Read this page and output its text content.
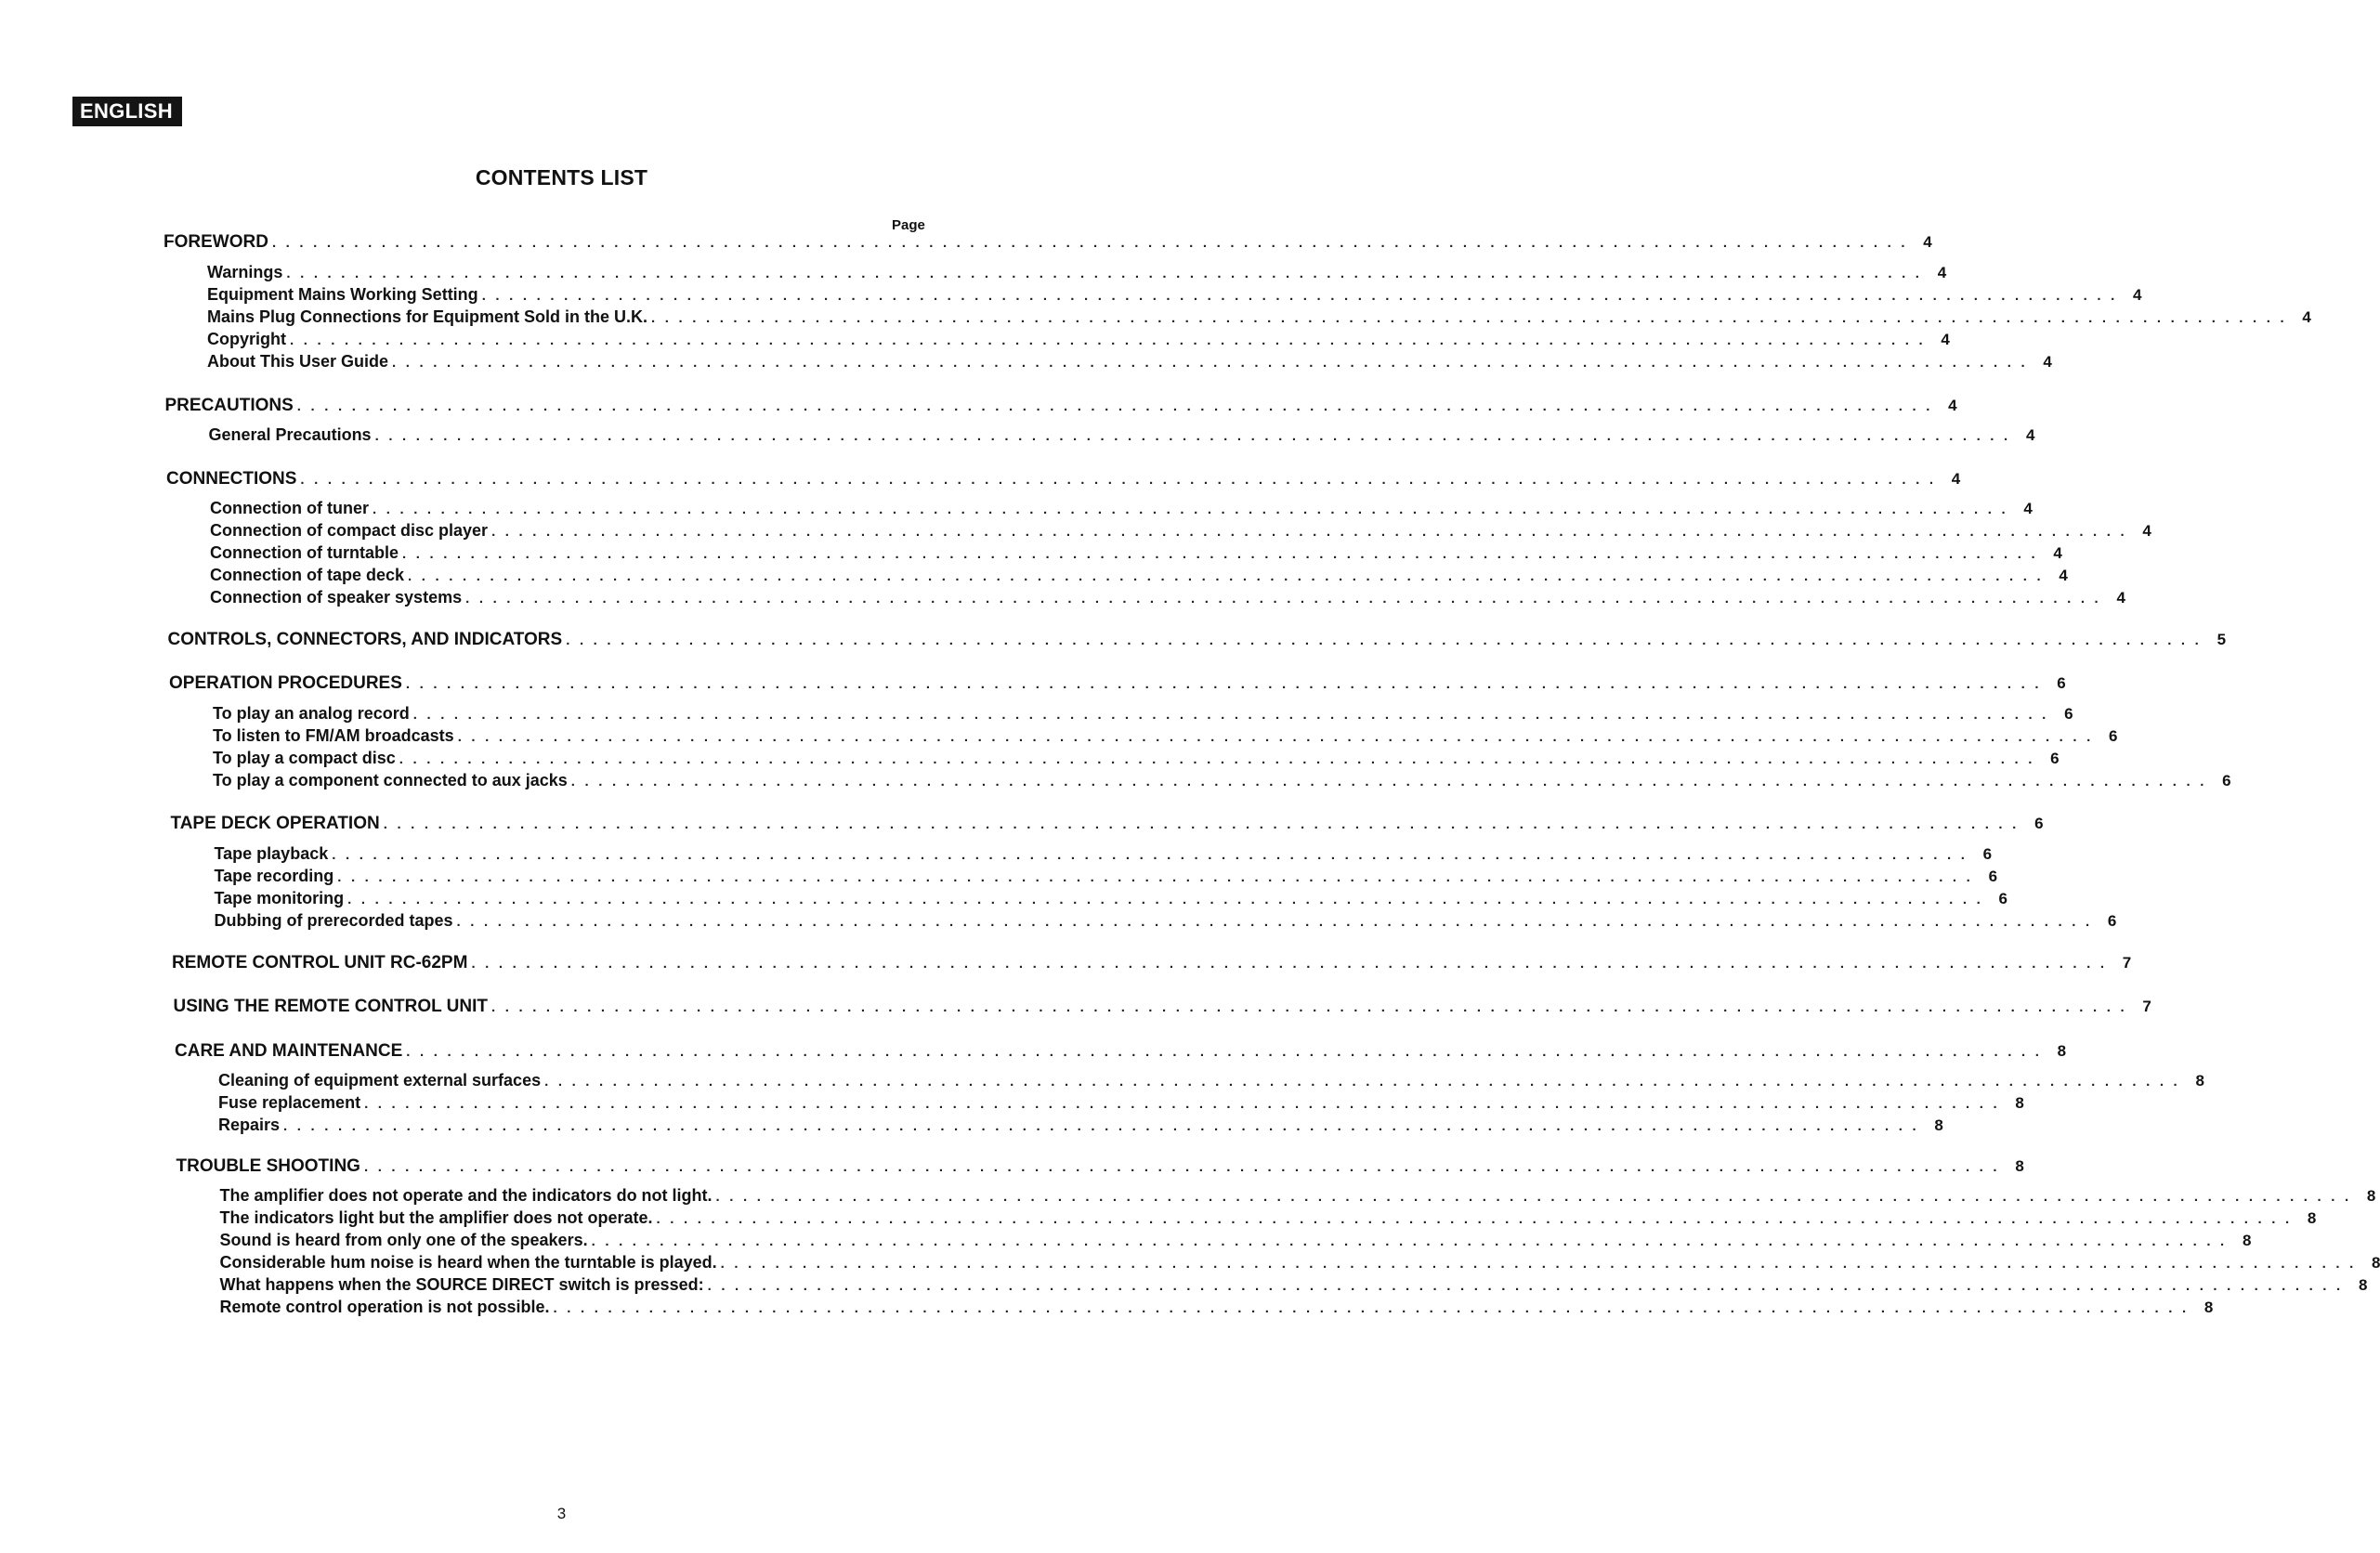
ENGLISH
CONTENTS LIST
Page
FOREWORD . . . . . . . . . . . . . . . . . . . . . . . . . . . . . . . . . . . . . . . . . . . . . . . . . . . . . . . . . . . . . . . . . . . . . . . . . . . . . . . . . . . . . . . . . . . . . . . . . . . . . . . . . . . . . . . . . . . . . . . . 4
Warnings . . . . . . . . . . . . . . . . . . . . . . . . . . . . . . . . . . . . . . . . . . . . . . . . . . . . . . . . . . . . . . . . . . . . . . . . . . . . . . . . . . . . . . . . . . . . . . . . . . . . . . . . . . . . . . . . . . . . . . . . 4
Equipment Mains Working Setting . . . . . . . . . . . . . . . . . . . . . . . . . . . . . . . . . . . . . . . . . . . . . . . . . . . . . . . . . . . . . . . . . . . . . . . . . . . . . . . . . . . . . . . . . . . . . . . . . . . . . . . . . . . . . . . . . . . . . . . . 4
Mains Plug Connections for Equipment Sold in the U.K. . . . . . . . . . . . . . . . . . . . . . . . . . . . . . . . . . . . . . . . . . . . . . . . . . . . . . . . . . . . . . . . . . . . . . . . . . . . . . . . . . . . . . . . . . . . . . . . . . . . . . . . . . . . . . . . . . . . . . . . . 4
Copyright . . . . . . . . . . . . . . . . . . . . . . . . . . . . . . . . . . . . . . . . . . . . . . . . . . . . . . . . . . . . . . . . . . . . . . . . . . . . . . . . . . . . . . . . . . . . . . . . . . . . . . . . . . . . . . . . . . . . . . . . 4
About This User Guide . . . . . . . . . . . . . . . . . . . . . . . . . . . . . . . . . . . . . . . . . . . . . . . . . . . . . . . . . . . . . . . . . . . . . . . . . . . . . . . . . . . . . . . . . . . . . . . . . . . . . . . . . . . . . . . . . . . . . . . . 4
PRECAUTIONS . . . . . . . . . . . . . . . . . . . . . . . . . . . . . . . . . . . . . . . . . . . . . . . . . . . . . . . . . . . . . . . . . . . . . . . . . . . . . . . . . . . . . . . . . . . . . . . . . . . . . . . . . . . . . . . . . . . . . . . . 4
General Precautions . . . . . . . . . . . . . . . . . . . . . . . . . . . . . . . . . . . . . . . . . . . . . . . . . . . . . . . . . . . . . . . . . . . . . . . . . . . . . . . . . . . . . . . . . . . . . . . . . . . . . . . . . . . . . . . . . . . . . . . . 4
CONNECTIONS . . . . . . . . . . . . . . . . . . . . . . . . . . . . . . . . . . . . . . . . . . . . . . . . . . . . . . . . . . . . . . . . . . . . . . . . . . . . . . . . . . . . . . . . . . . . . . . . . . . . . . . . . . . . . . . . . . . . . . . . 4
Connection of tuner . . . . . . . . . . . . . . . . . . . . . . . . . . . . . . . . . . . . . . . . . . . . . . . . . . . . . . . . . . . . . . . . . . . . . . . . . . . . . . . . . . . . . . . . . . . . . . . . . . . . . . . . . . . . . . . . . . . . . . . . 4
Connection of compact disc player . . . . . . . . . . . . . . . . . . . . . . . . . . . . . . . . . . . . . . . . . . . . . . . . . . . . . . . . . . . . . . . . . . . . . . . . . . . . . . . . . . . . . . . . . . . . . . . . . . . . . . . . . . . . . . . . . . . . . . . . 4
Connection of turntable . . . . . . . . . . . . . . . . . . . . . . . . . . . . . . . . . . . . . . . . . . . . . . . . . . . . . . . . . . . . . . . . . . . . . . . . . . . . . . . . . . . . . . . . . . . . . . . . . . . . . . . . . . . . . . . . . . . . . . . . 4
Connection of tape deck . . . . . . . . . . . . . . . . . . . . . . . . . . . . . . . . . . . . . . . . . . . . . . . . . . . . . . . . . . . . . . . . . . . . . . . . . . . . . . . . . . . . . . . . . . . . . . . . . . . . . . . . . . . . . . . . . . . . . . . . 4
Connection of speaker systems . . . . . . . . . . . . . . . . . . . . . . . . . . . . . . . . . . . . . . . . . . . . . . . . . . . . . . . . . . . . . . . . . . . . . . . . . . . . . . . . . . . . . . . . . . . . . . . . . . . . . . . . . . . . . . . . . . . . . . . . 4
CONTROLS, CONNECTORS, AND INDICATORS . . . . . . . . . . . . . . . . . . . . . . . . . . . . . . . . . . . . . . . . . . . . . . . . . . . . . . . . . . . . . . . . . . . . . . . . . . . . . . . . . . . . . . . . . . . . . . . . . . . . . . . . . . . . . . . . . . . . . . . . 5
OPERATION PROCEDURES . . . . . . . . . . . . . . . . . . . . . . . . . . . . . . . . . . . . . . . . . . . . . . . . . . . . . . . . . . . . . . . . . . . . . . . . . . . . . . . . . . . . . . . . . . . . . . . . . . . . . . . . . . . . . . . . . . . . . . . . 6
To play an analog record . . . . . . . . . . . . . . . . . . . . . . . . . . . . . . . . . . . . . . . . . . . . . . . . . . . . . . . . . . . . . . . . . . . . . . . . . . . . . . . . . . . . . . . . . . . . . . . . . . . . . . . . . . . . . . . . . . . . . . . . 6
To listen to FM/AM broadcasts . . . . . . . . . . . . . . . . . . . . . . . . . . . . . . . . . . . . . . . . . . . . . . . . . . . . . . . . . . . . . . . . . . . . . . . . . . . . . . . . . . . . . . . . . . . . . . . . . . . . . . . . . . . . . . . . . . . . . . . . 6
To play a compact disc . . . . . . . . . . . . . . . . . . . . . . . . . . . . . . . . . . . . . . . . . . . . . . . . . . . . . . . . . . . . . . . . . . . . . . . . . . . . . . . . . . . . . . . . . . . . . . . . . . . . . . . . . . . . . . . . . . . . . . . . 6
To play a component connected to aux jacks . . . . . . . . . . . . . . . . . . . . . . . . . . . . . . . . . . . . . . . . . . . . . . . . . . . . . . . . . . . . . . . . . . . . . . . . . . . . . . . . . . . . . . . . . . . . . . . . . . . . . . . . . . . . . . . . . . . . . . . . 6
TAPE DECK OPERATION . . . . . . . . . . . . . . . . . . . . . . . . . . . . . . . . . . . . . . . . . . . . . . . . . . . . . . . . . . . . . . . . . . . . . . . . . . . . . . . . . . . . . . . . . . . . . . . . . . . . . . . . . . . . . . . . . . . . . . . . 6
Tape playback . . . . . . . . . . . . . . . . . . . . . . . . . . . . . . . . . . . . . . . . . . . . . . . . . . . . . . . . . . . . . . . . . . . . . . . . . . . . . . . . . . . . . . . . . . . . . . . . . . . . . . . . . . . . . . . . . . . . . . . . 6
Tape recording . . . . . . . . . . . . . . . . . . . . . . . . . . . . . . . . . . . . . . . . . . . . . . . . . . . . . . . . . . . . . . . . . . . . . . . . . . . . . . . . . . . . . . . . . . . . . . . . . . . . . . . . . . . . . . . . . . . . . . . . 6
Tape monitoring . . . . . . . . . . . . . . . . . . . . . . . . . . . . . . . . . . . . . . . . . . . . . . . . . . . . . . . . . . . . . . . . . . . . . . . . . . . . . . . . . . . . . . . . . . . . . . . . . . . . . . . . . . . . . . . . . . . . . . . . 6
Dubbing of prerecorded tapes . . . . . . . . . . . . . . . . . . . . . . . . . . . . . . . . . . . . . . . . . . . . . . . . . . . . . . . . . . . . . . . . . . . . . . . . . . . . . . . . . . . . . . . . . . . . . . . . . . . . . . . . . . . . . . . . . . . . . . . . 6
REMOTE CONTROL UNIT RC-62PM . . . . . . . . . . . . . . . . . . . . . . . . . . . . . . . . . . . . . . . . . . . . . . . . . . . . . . . . . . . . . . . . . . . . . . . . . . . . . . . . . . . . . . . . . . . . . . . . . . . . . . . . . . . . . . . . . . . . . . . . 7
USING THE REMOTE CONTROL UNIT . . . . . . . . . . . . . . . . . . . . . . . . . . . . . . . . . . . . . . . . . . . . . . . . . . . . . . . . . . . . . . . . . . . . . . . . . . . . . . . . . . . . . . . . . . . . . . . . . . . . . . . . . . . . . . . . . . . . . . . . 7
CARE AND MAINTENANCE . . . . . . . . . . . . . . . . . . . . . . . . . . . . . . . . . . . . . . . . . . . . . . . . . . . . . . . . . . . . . . . . . . . . . . . . . . . . . . . . . . . . . . . . . . . . . . . . . . . . . . . . . . . . . . . . . . . . . . . . 8
Cleaning of equipment external surfaces . . . . . . . . . . . . . . . . . . . . . . . . . . . . . . . . . . . . . . . . . . . . . . . . . . . . . . . . . . . . . . . . . . . . . . . . . . . . . . . . . . . . . . . . . . . . . . . . . . . . . . . . . . . . . . . . . . . . . . . . 8
Fuse replacement . . . . . . . . . . . . . . . . . . . . . . . . . . . . . . . . . . . . . . . . . . . . . . . . . . . . . . . . . . . . . . . . . . . . . . . . . . . . . . . . . . . . . . . . . . . . . . . . . . . . . . . . . . . . . . . . . . . . . . . . 8
Repairs . . . . . . . . . . . . . . . . . . . . . . . . . . . . . . . . . . . . . . . . . . . . . . . . . . . . . . . . . . . . . . . . . . . . . . . . . . . . . . . . . . . . . . . . . . . . . . . . . . . . . . . . . . . . . . . . . . . . . . . . 8
TROUBLE SHOOTING . . . . . . . . . . . . . . . . . . . . . . . . . . . . . . . . . . . . . . . . . . . . . . . . . . . . . . . . . . . . . . . . . . . . . . . . . . . . . . . . . . . . . . . . . . . . . . . . . . . . . . . . . . . . . . . . . . . . . . . . 8
The amplifier does not operate and the indicators do not light. . . . . . . . . . . . . . . . . . . . . . . . . . . . . . . . . . . . . . . . . . . . . . . . . . . . . . . . . . . . . . . . . . . . . . . . . . . . . . . . . . . . . . . . . . . . . . . . . . . . . . . . . . . . . . . . . . . . . . . . . 8
The indicators light but the amplifier does not operate. . . . . . . . . . . . . . . . . . . . . . . . . . . . . . . . . . . . . . . . . . . . . . . . . . . . . . . . . . . . . . . . . . . . . . . . . . . . . . . . . . . . . . . . . . . . . . . . . . . . . . . . . . . . . . . . . . . . . . . . . 8
Sound is heard from only one of the speakers. . . . . . . . . . . . . . . . . . . . . . . . . . . . . . . . . . . . . . . . . . . . . . . . . . . . . . . . . . . . . . . . . . . . . . . . . . . . . . . . . . . . . . . . . . . . . . . . . . . . . . . . . . . . . . . . . . . . . . . . . 8
Considerable hum noise is heard when the turntable is played. . . . . . . . . . . . . . . . . . . . . . . . . . . . . . . . . . . . . . . . . . . . . . . . . . . . . . . . . . . . . . . . . . . . . . . . . . . . . . . . . . . . . . . . . . . . . . . . . . . . . . . . . . . . . . . . . . . . . . . . . 8
What happens when the SOURCE DIRECT switch is pressed: . . . . . . . . . . . . . . . . . . . . . . . . . . . . . . . . . . . . . . . . . . . . . . . . . . . . . . . . . . . . . . . . . . . . . . . . . . . . . . . . . . . . . . . . . . . . . . . . . . . . . . . . . . . . . . . . . . . . . . . . 8
Remote control operation is not possible. . . . . . . . . . . . . . . . . . . . . . . . . . . . . . . . . . . . . . . . . . . . . . . . . . . . . . . . . . . . . . . . . . . . . . . . . . . . . . . . . . . . . . . . . . . . . . . . . . . . . . . . . . . . . . . . . . . . . . . . . 8
3
